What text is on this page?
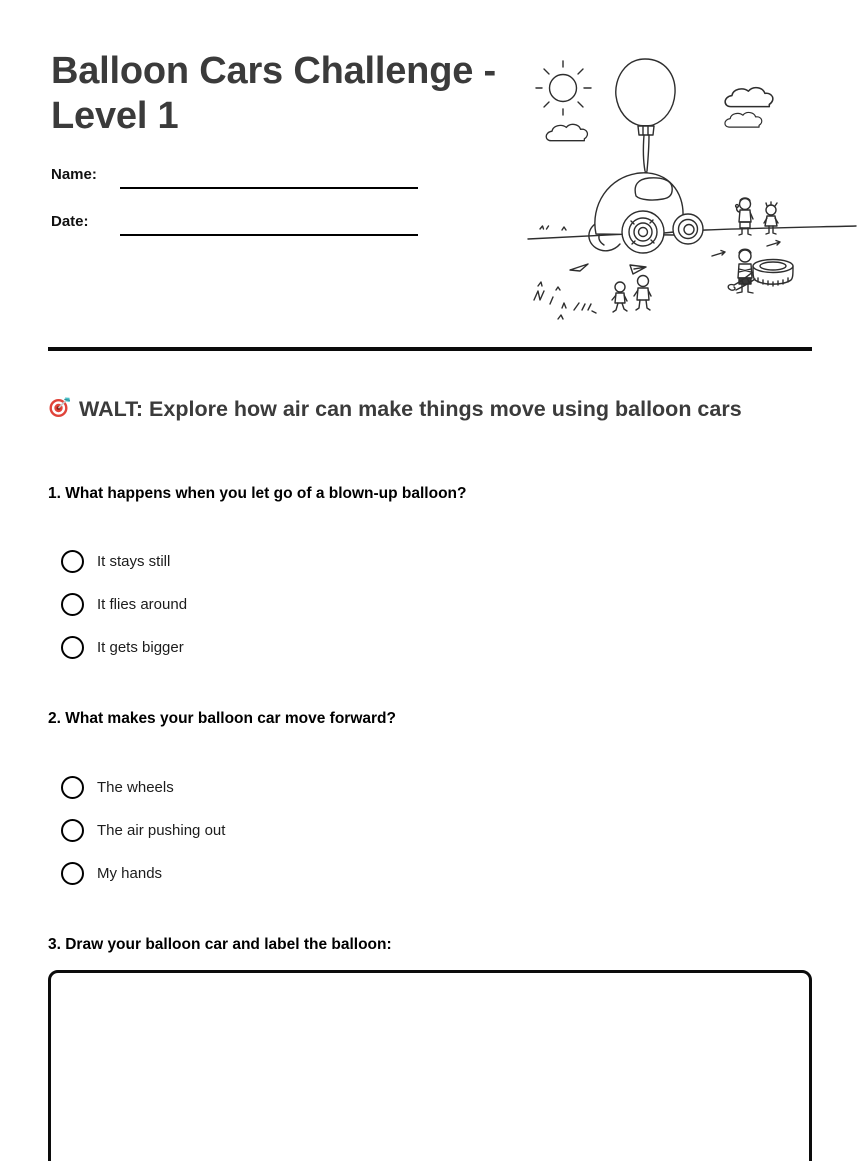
Balloon Cars Challenge -
Level 1
Name:
Date:
WALT: Explore how air can make things move using balloon cars
1. What happens when you let go of a blown-up balloon?
It stays still
It flies around
It gets bigger
2. What makes your balloon car move forward?
The wheels
The air pushing out
My hands
3. Draw your balloon car and label the balloon:
